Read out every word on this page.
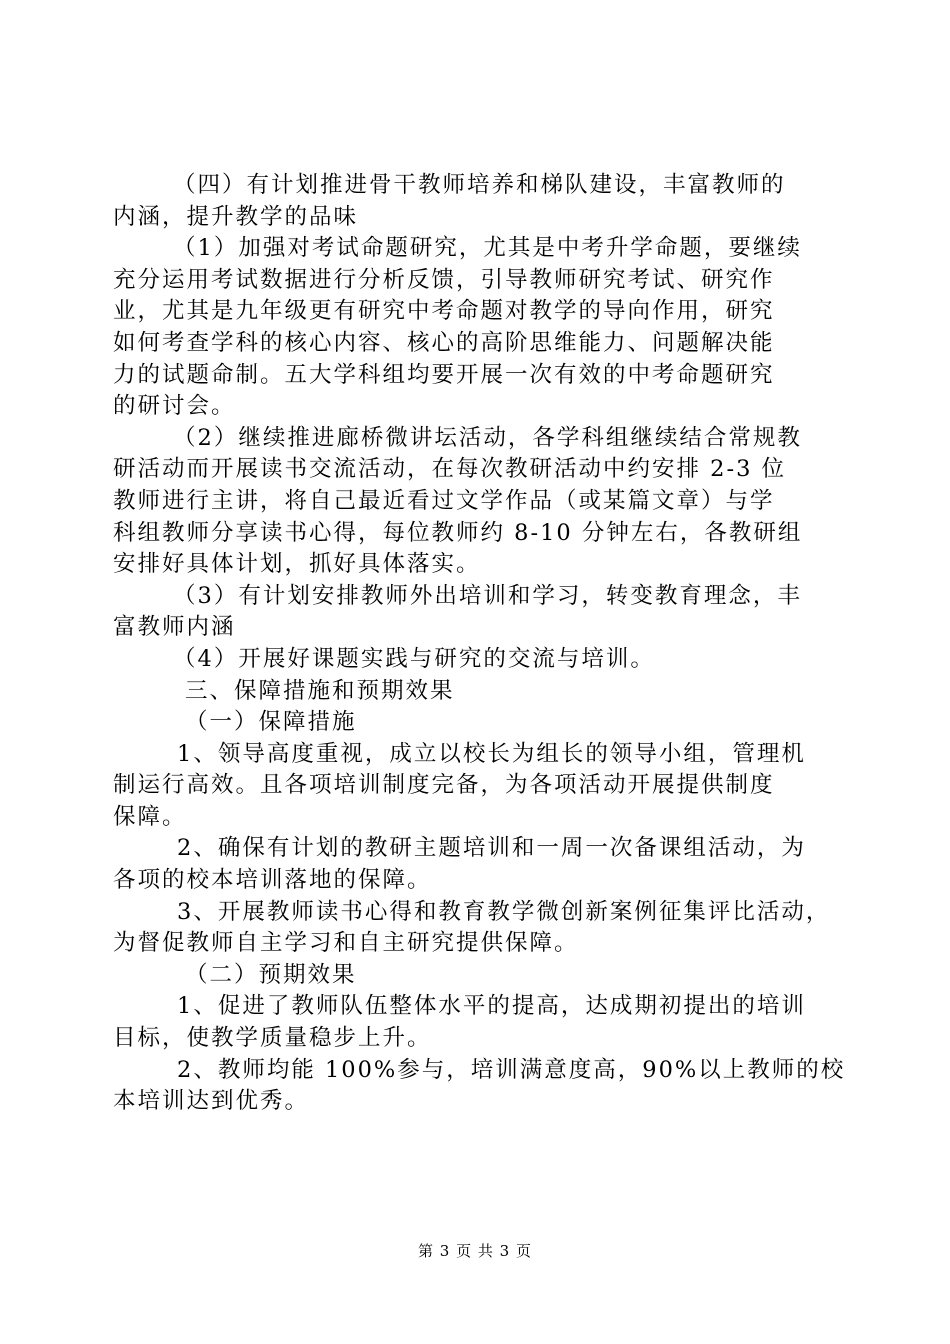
（四）有计划推进骨干教师培养和梯队建设，丰富教师的
内涵，提升教学的品味
（1）加强对考试命题研究，尤其是中考升学命题，要继续
充分运用考试数据进行分析反馈，引导教师研究考试、研究作
业，尤其是九年级更有研究中考命题对教学的导向作用，研究
如何考查学科的核心内容、核心的高阶思维能力、问题解决能
力的试题命制。五大学科组均要开展一次有效的中考命题研究
的研讨会。
（2）继续推进廊桥微讲坛活动，各学科组继续结合常规教
研活动而开展读书交流活动，在每次教研活动中约安排 2-3 位
教师进行主讲，将自己最近看过文学作品（或某篇文章）与学
科组教师分享读书心得，每位教师约 8-10 分钟左右，各教研组
安排好具体计划，抓好具体落实。
（3）有计划安排教师外出培训和学习，转变教育理念，丰
富教师内涵
（4）开展好课题实践与研究的交流与培训。
三、保障措施和预期效果
（一）保障措施
1、领导高度重视，成立以校长为组长的领导小组，管理机
制运行高效。且各项培训制度完备，为各项活动开展提供制度
保障。
2、确保有计划的教研主题培训和一周一次备课组活动，为
各项的校本培训落地的保障。
3、开展教师读书心得和教育教学微创新案例征集评比活动，
为督促教师自主学习和自主研究提供保障。
（二）预期效果
1、促进了教师队伍整体水平的提高，达成期初提出的培训
目标，使教学质量稳步上升。
2、教师均能 100%参与，培训满意度高，90%以上教师的校
本培训达到优秀。
第 3 页 共 3 页
